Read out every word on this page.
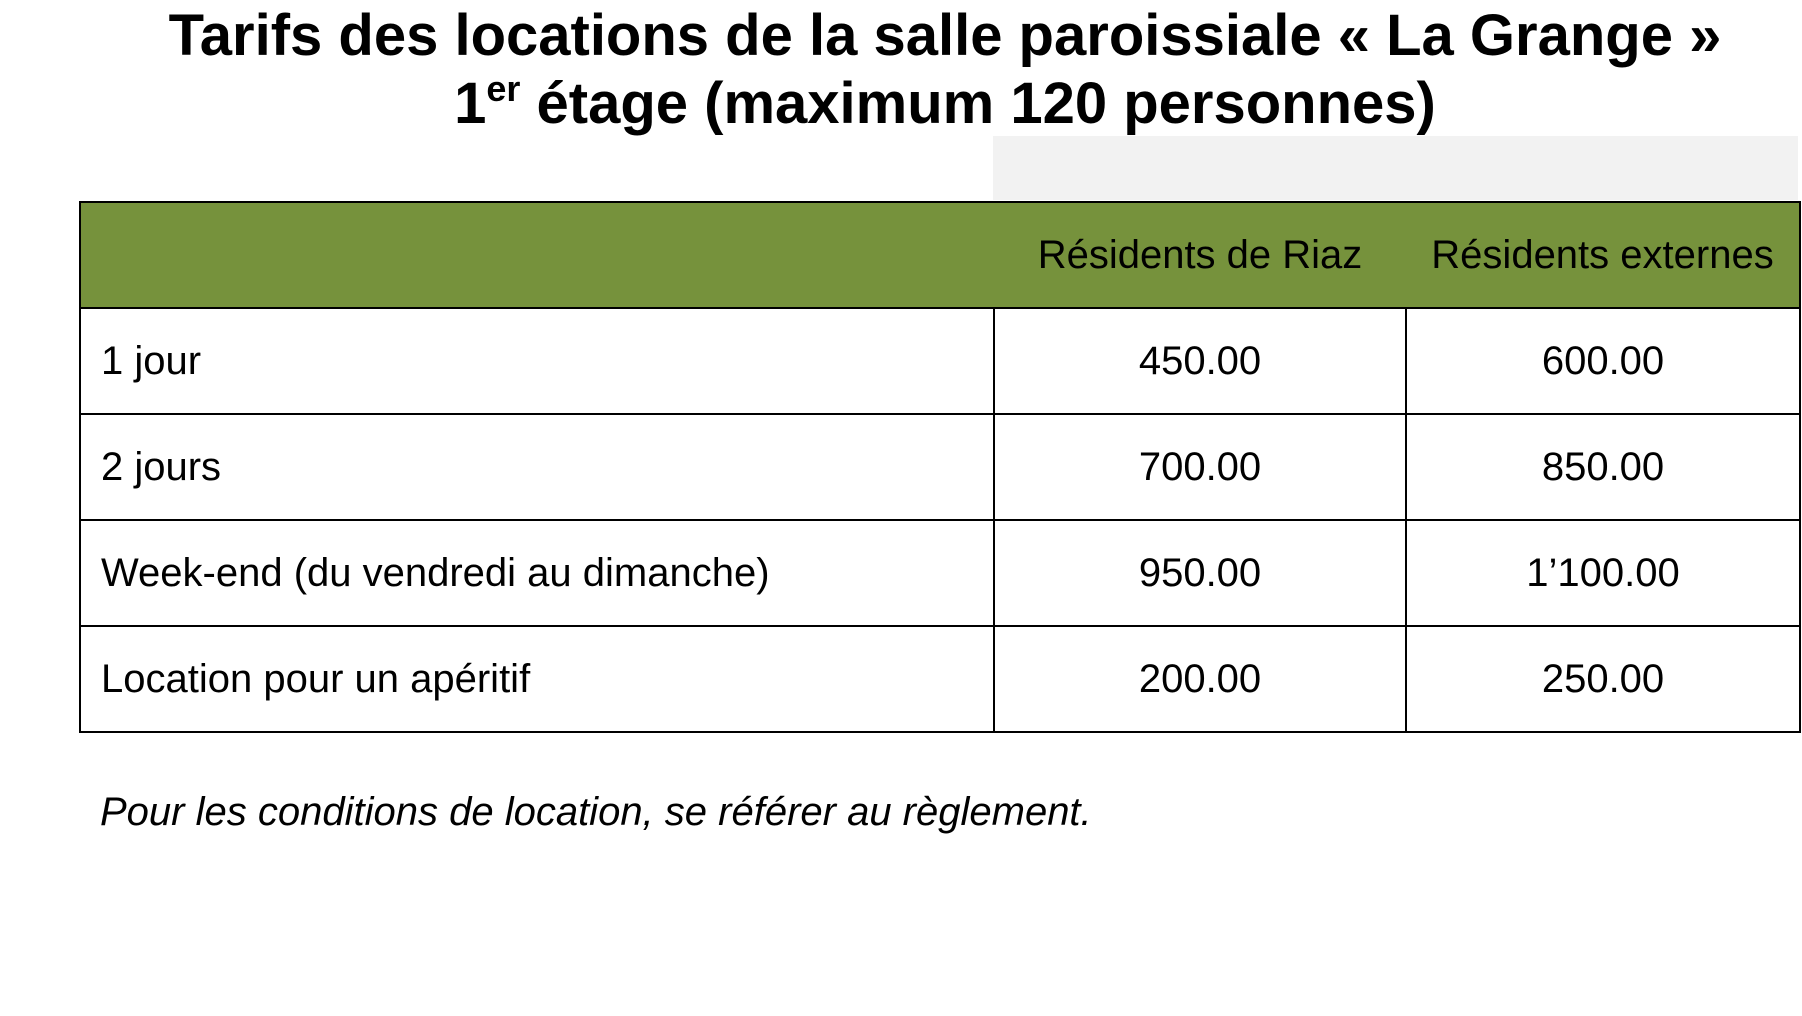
Tarifs des locations de la salle paroissiale « La Grange »
1er étage (maximum 120 personnes)
	Résidents de Riaz	Résidents externes
1 jour	450.00	600.00
2 jours	700.00	850.00
Week-end (du vendredi au dimanche)	950.00	1’100.00
Location pour un apéritif	200.00	250.00

Pour les conditions de location, se référer au règlement.
